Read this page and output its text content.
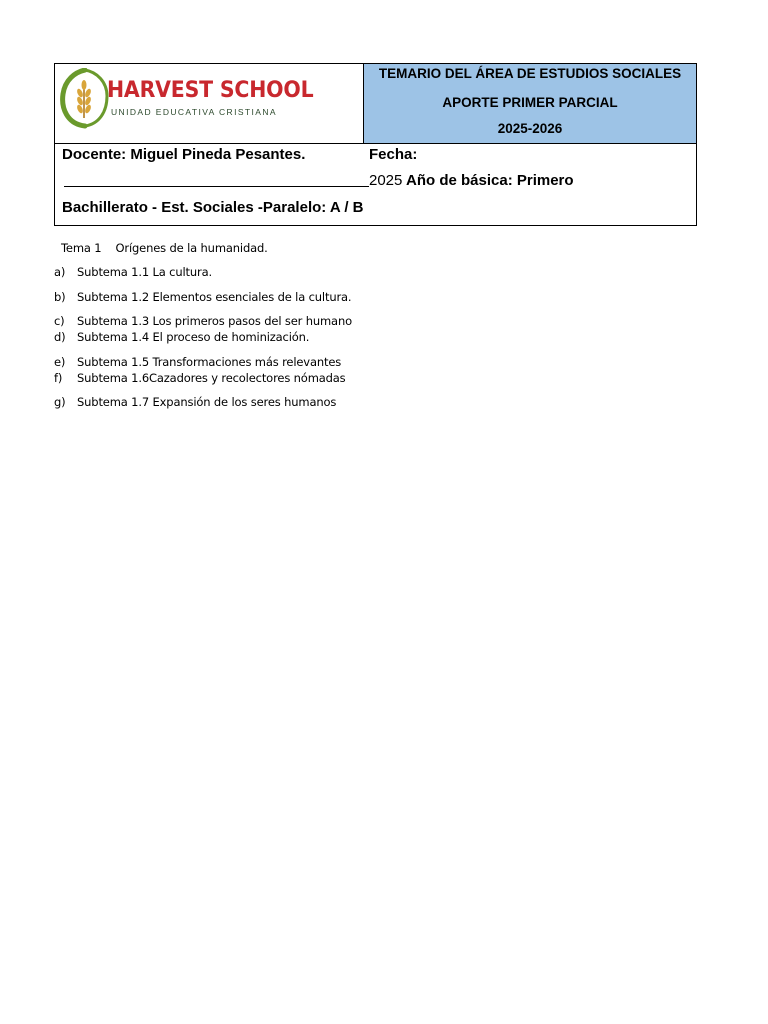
HARVEST SCHOOL
UNIDAD EDUCATIVA CRISTIANA
TEMARIO DEL ÁREA DE ESTUDIOS SOCIALES
APORTE PRIMER PARCIAL
2025-2026
Docente: Miguel Pineda Pesantes.	Fecha:
2025 Año de básica: Primero
Bachillerato - Est. Sociales -Paralelo: A / B
Tema 1 Orígenes de la humanidad.
a) Subtema 1.1 La cultura.
b) Subtema 1.2 Elementos esenciales de la cultura.
c) Subtema 1.3 Los primeros pasos del ser humano
d) Subtema 1.4 El proceso de hominización.
e) Subtema 1.5 Transformaciones más relevantes
f) Subtema 1.6Cazadores y recolectores nómadas
g) Subtema 1.7 Expansión de los seres humanos
